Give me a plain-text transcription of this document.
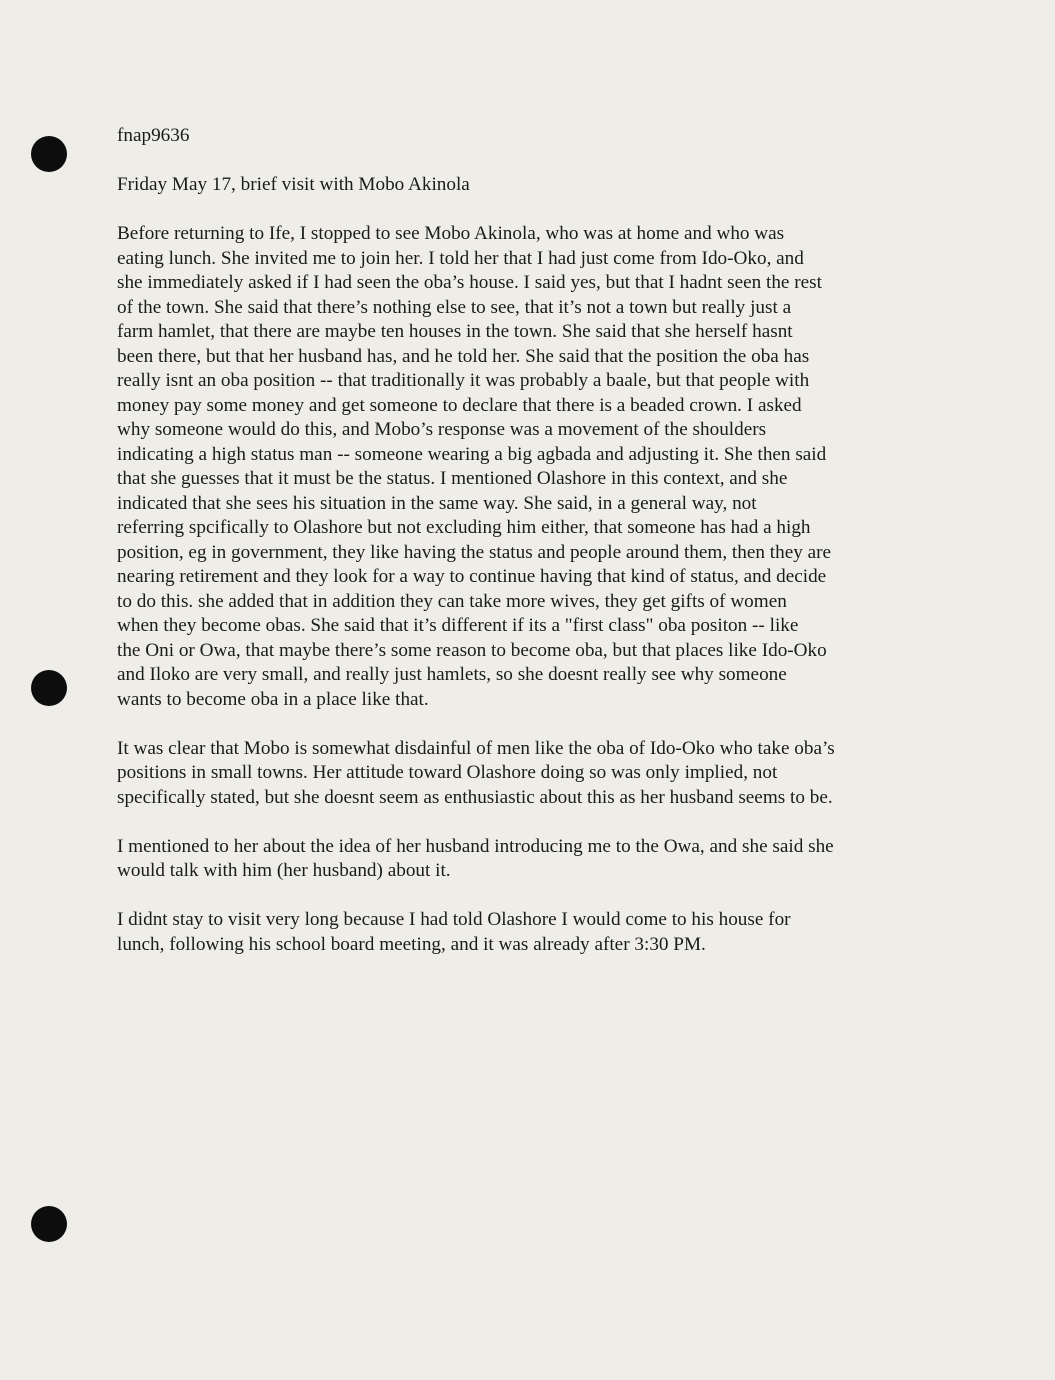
fnap9636
Friday May 17, brief visit with Mobo Akinola
Before returning to Ife, I stopped to see Mobo Akinola, who was at home and who was
eating lunch. She invited me to join her. I told her that I had just come from Ido-Oko, and
she immediately asked if I had seen the oba’s house. I said yes, but that I hadnt seen the rest
of the town. She said that there’s nothing else to see, that it’s not a town but really just a
farm hamlet, that there are maybe ten houses in the town. She said that she herself hasnt
been there, but that her husband has, and he told her. She said that the position the oba has
really isnt an oba position -- that traditionally it was probably a baale, but that people with
money pay some money and get someone to declare that there is a beaded crown. I asked
why someone would do this, and Mobo’s response was a movement of the shoulders
indicating a high status man -- someone wearing a big agbada and adjusting it. She then said
that she guesses that it must be the status. I mentioned Olashore in this context, and she
indicated that she sees his situation in the same way. She said, in a general way, not
referring spcifically to Olashore but not excluding him either, that someone has had a high
position, eg in government, they like having the status and people around them, then they are
nearing retirement and they look for a way to continue having that kind of status, and decide
to do this. she added that in addition they can take more wives, they get gifts of women
when they become obas. She said that it’s different if its a "first class" oba positon -- like
the Oni or Owa, that maybe there’s some reason to become oba, but that places like Ido-Oko
and Iloko are very small, and really just hamlets, so she doesnt really see why someone
wants to become oba in a place like that.
It was clear that Mobo is somewhat disdainful of men like the oba of Ido-Oko who take oba’s
positions in small towns. Her attitude toward Olashore doing so was only implied, not
specifically stated, but she doesnt seem as enthusiastic about this as her husband seems to be.
I mentioned to her about the idea of her husband introducing me to the Owa, and she said she
would talk with him (her husband) about it.
I didnt stay to visit very long because I had told Olashore I would come to his house for
lunch, following his school board meeting, and it was already after 3:30 PM.
